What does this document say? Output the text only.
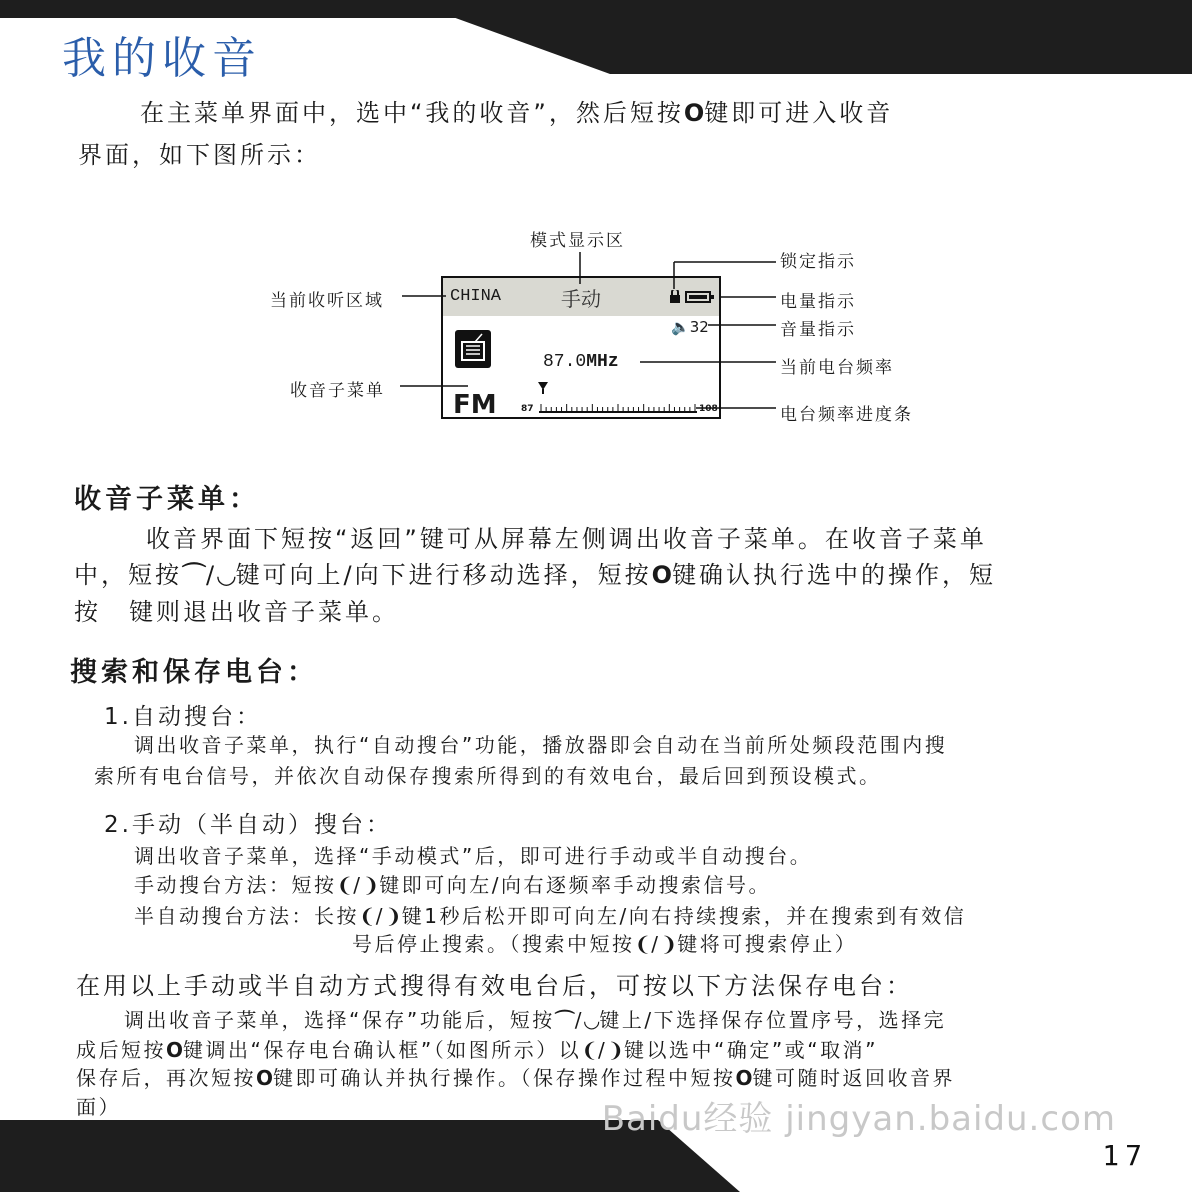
我的收音

在主菜单界面中，选中“我的收音”，然后短按O键即可进入收音

界面，如下图所示：

CHINA	手动
🔈32
87.0MHz
FM	87	108
模式显示区
锁定指示
电量指示
音量指示
当前电台频率
电台频率进度条
当前收听区域
收音子菜单
收音子菜单：

收音界面下短按“返回”键可从屏幕左侧调出收音子菜单。在收音子菜单

中，短按⌒/◡键可向上/向下进行移动选择，短按O键确认执行选中的操作，短

按 键则退出收音子菜单。

搜索和保存电台：

1.自动搜台：

调出收音子菜单，执行“自动搜台”功能，播放器即会自动在当前所处频段范围内搜

索所有电台信号，并依次自动保存搜索所得到的有效电台，最后回到预设模式。

2.手动（半自动）搜台：

调出收音子菜单，选择“手动模式”后，即可进行手动或半自动搜台。

手动搜台方法：短按❨/❩键即可向左/向右逐频率手动搜索信号。

半自动搜台方法：长按❨/❩键1秒后松开即可向左/向右持续搜索，并在搜索到有效信

号后停止搜索。（搜索中短按❨/❩键将可搜索停止）

在用以上手动或半自动方式搜得有效电台后，可按以下方法保存电台：

调出收音子菜单，选择“保存”功能后，短按⌒/◡键上/下选择保存位置序号，选择完

成后短按O键调出“保存电台确认框”（如图所示）以❨/❩键以选中“确定”或“取消”

保存后，再次短按O键即可确认并执行操作。（保存操作过程中短按O键可随时返回收音界

面）	Baidu经验 jingyan.baidu.com
17
